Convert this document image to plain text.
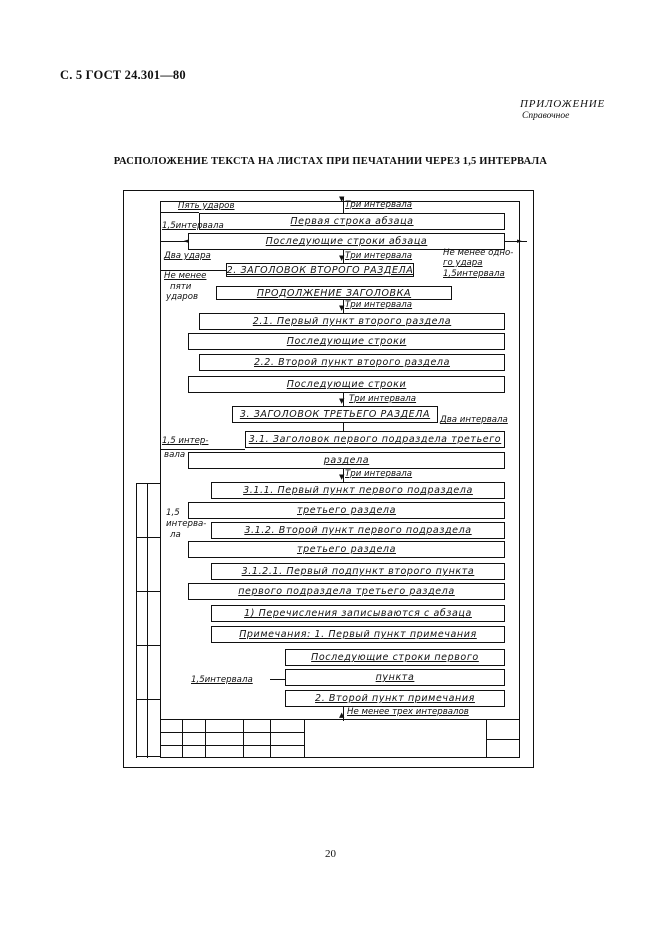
С. 5 ГОСТ 24.301—80
ПРИЛОЖЕНИЕ
Справочное
РАСПОЛОЖЕНИЕ ТЕКСТА НА ЛИСТАХ ПРИ ПЕЧАТАНИИ ЧЕРЕЗ 1,5 ИНТЕРВАЛА
Первая строка абзаца
Последующие строки абзаца
2. ЗАГОЛОВОК ВТОРОГО РАЗДЕЛА
ПРОДОЛЖЕНИЕ ЗАГОЛОВКА
2.1. Первый пункт второго раздела
Последующие строки
2.2. Второй пункт второго раздела
Последующие строки
3. ЗАГОЛОВОК ТРЕТЬЕГО РАЗДЕЛА
3.1. Заголовок первого подраздела третьего
раздела
3.1.1. Первый пункт первого подраздела
третьего раздела
3.1.2. Второй пункт первого подраздела
третьего раздела
3.1.2.1. Первый подпункт второго пункта
первого подраздела третьего раздела
1) Перечисления записываются с абзаца
Примечания: 1. Первый пункт примечания
Последующие строки первого
пункта
2. Второй пункт примечания
▼
▼
▼
▼
▼
▲
◄	►
Пять ударов	Три интервала
1,5интервала
Два удара	Три интервала	Не менее одно-
го удара
1,5интервала
Не менее
пяти
ударов
Три интервала
Три интервала
Два интервала
1,5 интер-
вала
Три интервала
1,5
интерва-
ла
1,5интервала
Не менее трех интервалов
20
